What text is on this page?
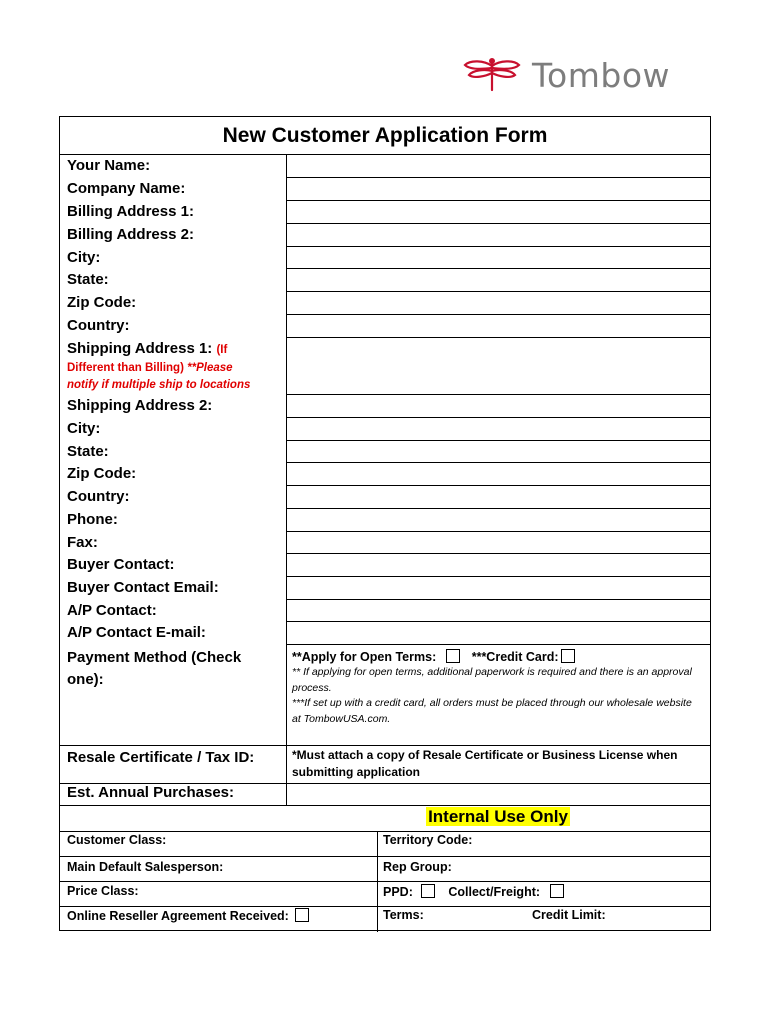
Tombow
New Customer Application Form
Your Name:
Company Name:
Billing Address 1:
Billing Address 2:
City:
State:
Zip Code:
Country:
Shipping Address 1: (If
Different than Billing) **Please
notify if multiple ship to locations
Shipping Address 2:
City:
State:
Zip Code:
Country:
Phone:
Fax:
Buyer Contact:
Buyer Contact Email:
A/P Contact:
A/P Contact E-mail:
Payment Method (Check
one):
**Apply for Open Terms:	***Credit Card:
** If applying for open terms, additional paperwork is required and there is an approval process.
***If set up with a credit card, all orders must be placed through our wholesale website at TombowUSA.com.
Resale Certificate / Tax ID:	*Must attach a copy of Resale Certificate or Business License when
submitting application
Est. Annual Purchases:
Internal Use Only
Customer Class:	Territory Code:
Main Default Salesperson:	Rep Group:
Price Class:	PPD:	Collect/Freight:
Online Reseller Agreement Received:	Terms:	Credit Limit:
